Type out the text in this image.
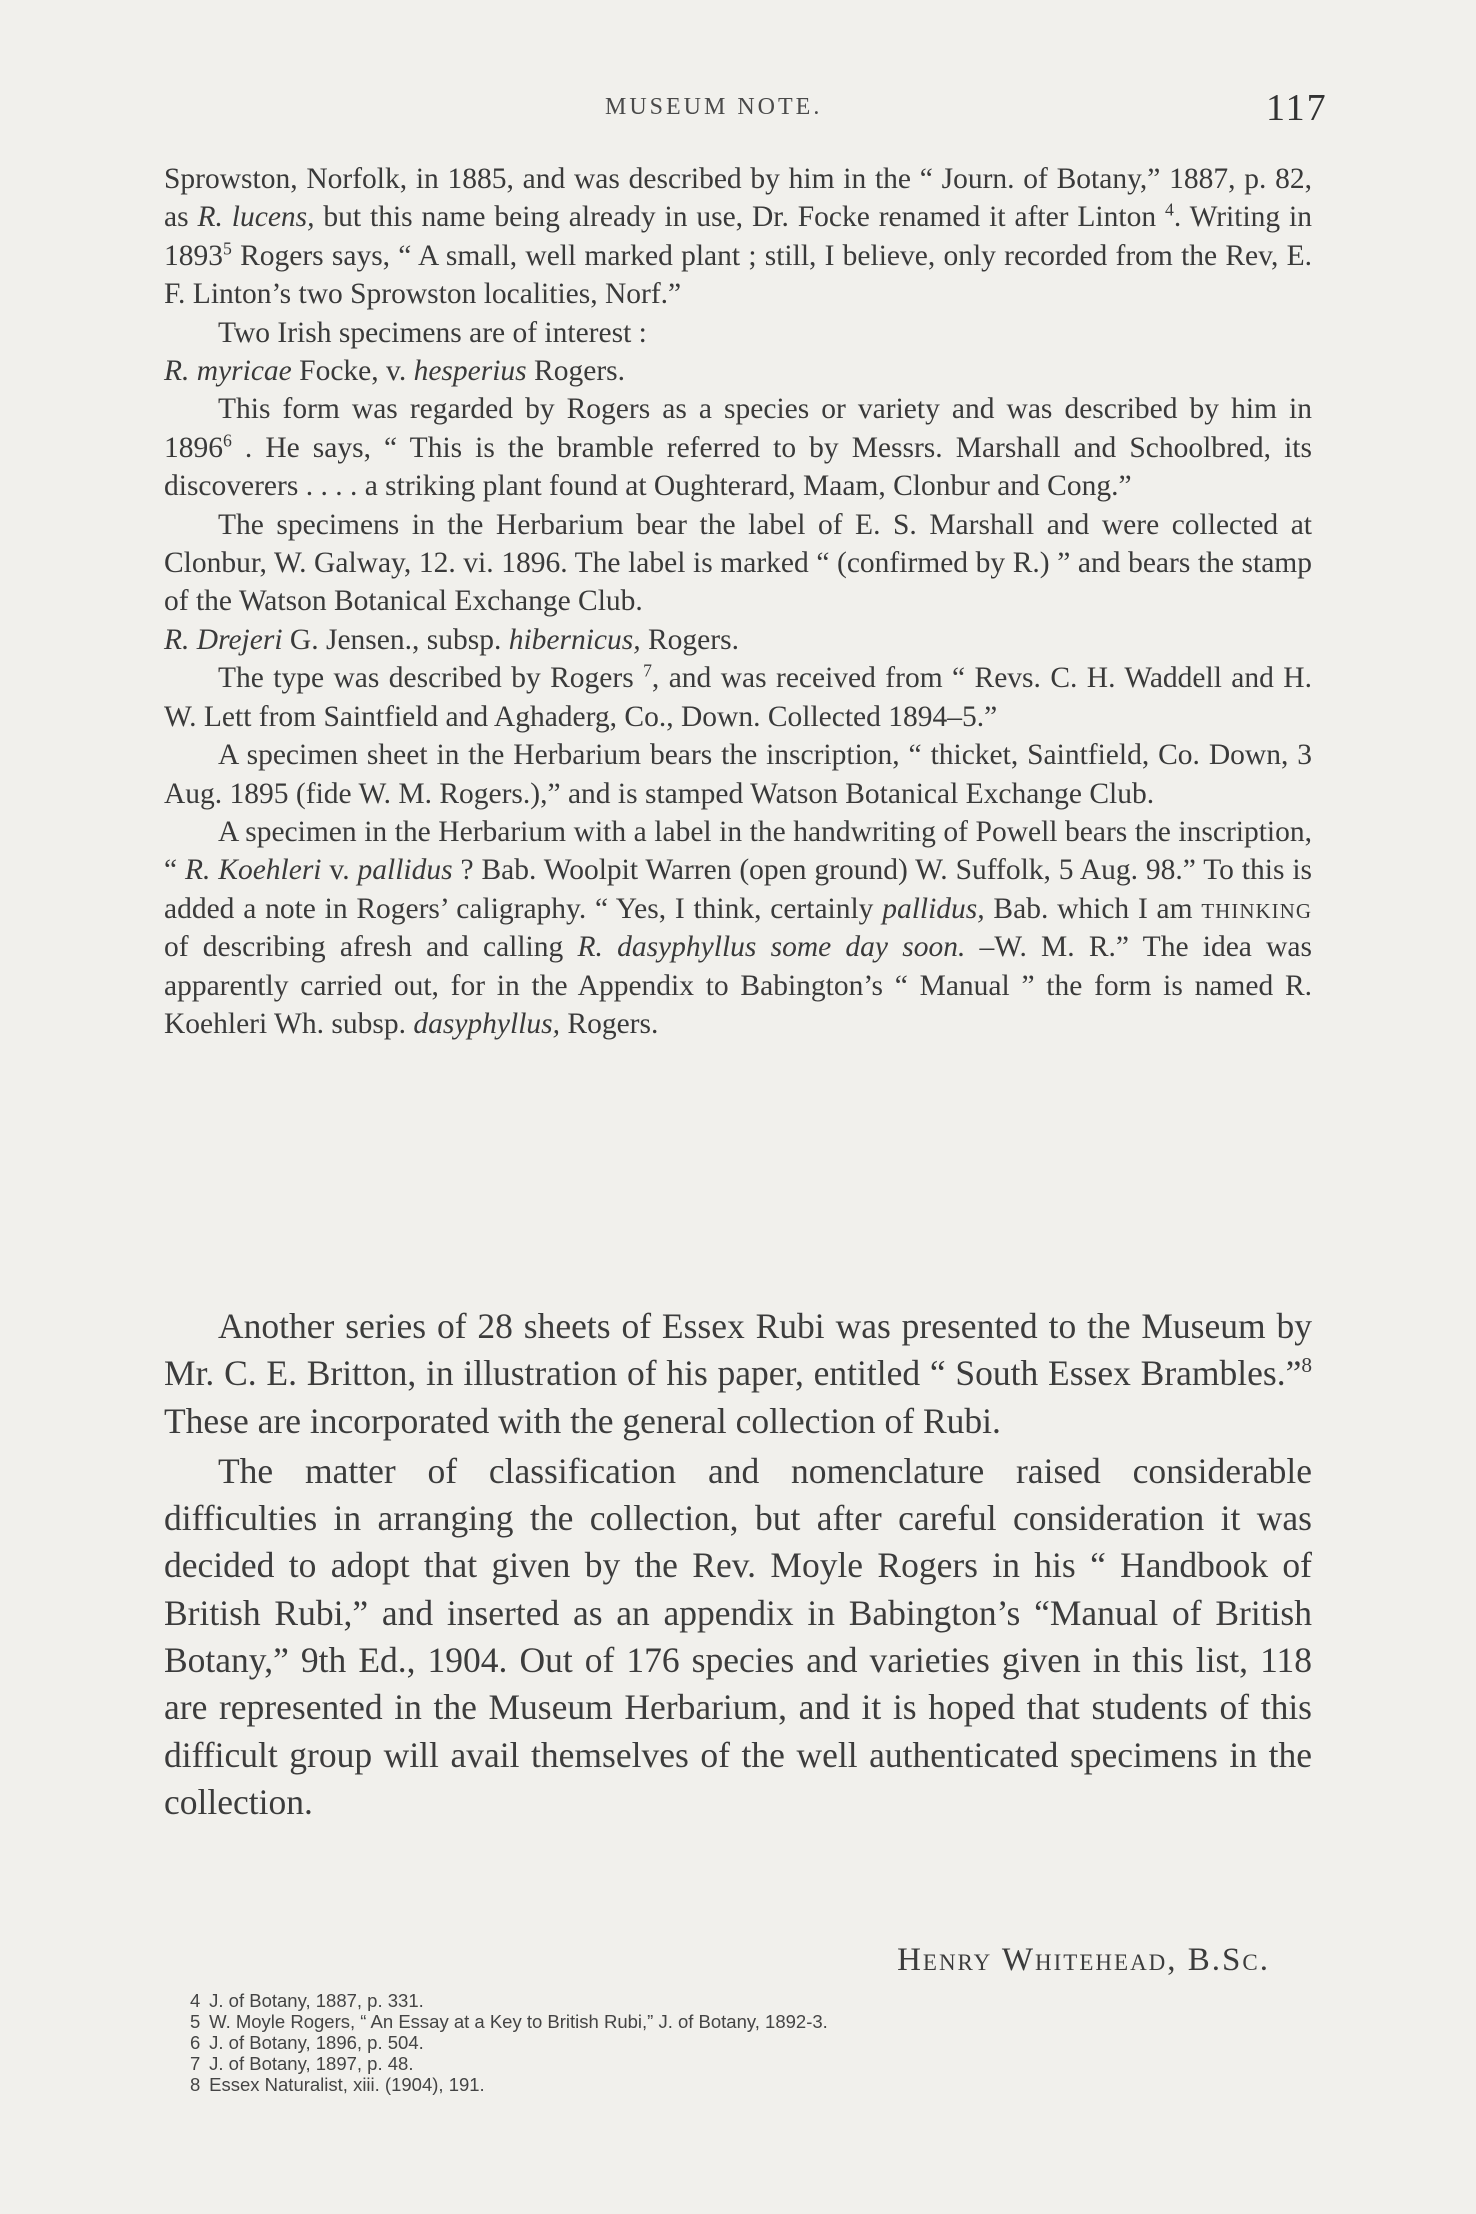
MUSEUM NOTE.	117

Sprowston, Norfolk, in 1885, and was described by him in the “ Journ. of Botany,” 1887, p. 82, as R. lucens, but this name being already in use, Dr. Focke renamed it after Linton $^4$. Writing in 1893$^5$ Rogers says, “ A small, well marked plant ; still, I believe, only recorded from the Rev, E. F. Linton’s two Sprowston localities, Norf.”

Two Irish specimens are of interest :

R. myricae Focke, v. hesperius Rogers.

This form was regarded by Rogers as a species or variety and was described by him in 1896$^6$ . He says, “ This is the bramble referred to by Messrs. Marshall and Schoolbred, its discoverers . . . . a striking plant found at Oughterard, Maam, Clonbur and Cong.”

The specimens in the Herbarium bear the label of E. S. Marshall and were collected at Clonbur, W. Galway, 12. vi. 1896. The label is marked “ (confirmed by R.) ” and bears the stamp of the Watson Botanical Exchange Club.

R. Drejeri G. Jensen., subsp. hibernicus, Rogers.

The type was described by Rogers $^7$, and was received from “ Revs. C. H. Waddell and H. W. Lett from Saintfield and Aghaderg, Co., Down. Collected 1894–5.”

A specimen sheet in the Herbarium bears the inscription, “ thicket, Saintfield, Co. Down, 3 Aug. 1895 (fide W. M. Rogers.),” and is stamped Watson Botanical Exchange Club.

A specimen in the Herbarium with a label in the handwriting of Powell bears the inscription, “ R. Koehleri v. pallidus ? Bab. Woolpit Warren (open ground) W. Suffolk, 5 Aug. 98.” To this is added a note in Rogers’ caligraphy. “ Yes, I think, certainly pallidus, Bab. which I am thinking of describing afresh and calling R. dasyphyllus some day soon. –W. M. R.” The idea was apparently carried out, for in the Appendix to Babington’s “ Manual ” the form is named R. Koehleri Wh. subsp. dasyphyllus, Rogers.

Another series of 28 sheets of Essex Rubi was presented to the Museum by Mr. C. E. Britton, in illustration of his paper, entitled “ South Essex Brambles.”$^8$ These are incorporated with the general collection of Rubi.

The matter of classification and nomenclature raised considerable difficulties in arranging the collection, but after careful consideration it was decided to adopt that given by the Rev. Moyle Rogers in his “ Handbook of British Rubi,” and inserted as an appendix in Babington’s “Manual of British Botany,” 9th Ed., 1904. Out of 176 species and varieties given in this list, 118 are represented in the Museum Herbarium, and it is hoped that students of this difficult group will avail themselves of the well authenticated specimens in the collection.

Henry Whitehead, B.Sc.
4 J. of Botany, 1887, p. 331.
5 W. Moyle Rogers, “ An Essay at a Key to British Rubi,” J. of Botany, 1892-3.
6 J. of Botany, 1896, p. 504.
7 J. of Botany, 1897, p. 48.
8 Essex Naturalist, xiii. (1904), 191.
